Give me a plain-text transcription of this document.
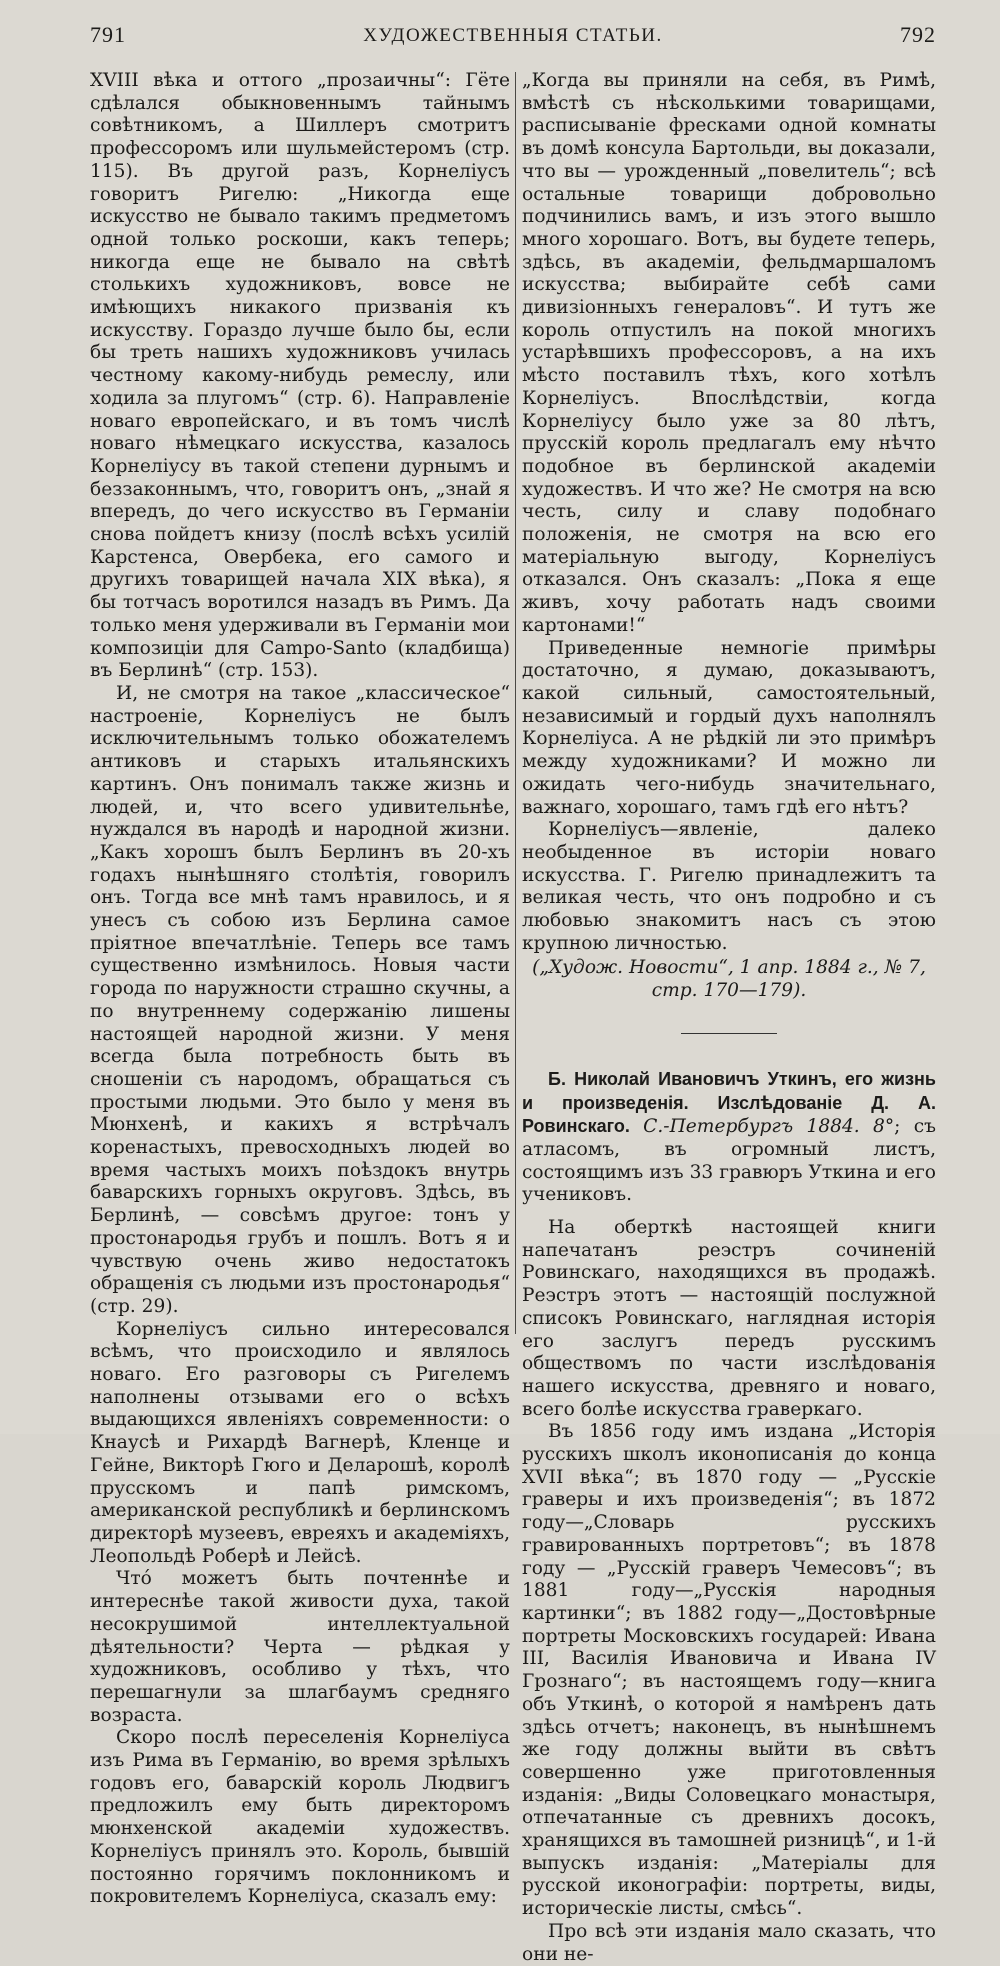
791	ХУДОЖЕСТВЕННЫЯ СТАТЬИ.	792

XVIII вѣка и оттого „прозаичны“: Гёте сдѣлался обыкновеннымъ тайнымъ совѣтникомъ, а Шиллеръ смотритъ профессоромъ или шульмейстеромъ (стр. 115). Въ другой разъ, Корнеліусъ говоритъ Ригелю: „Никогда еще искусство не бывало такимъ предметомъ одной только роскоши, какъ теперь; никогда еще не бывало на свѣтѣ столькихъ художниковъ, вовсе не имѣющихъ никакого призванія къ искусству. Гораздо лучше было бы, если бы треть нашихъ художниковъ училась честному какому-нибудь ремеслу, или ходила за плугомъ“ (стр. 6). Направленіе новаго европейскаго, и въ томъ числѣ новаго нѣмецкаго искусства, казалось Корнеліусу въ такой степени дурнымъ и беззаконнымъ, что, говоритъ онъ, „знай я впередъ, до чего искусство въ Германіи снова пойдетъ книзу (послѣ всѣхъ усилій Карстенса, Овербека, его самого и другихъ товарищей начала XIX вѣка), я бы тотчасъ воротился назадъ въ Римъ. Да только меня удерживали въ Германіи мои композиціи для Campo-Santo (кладбища) въ Берлинѣ“ (стр. 153).

И, не смотря на такое „классическое“ настроеніе, Корнеліусъ не былъ исключительнымъ только обожателемъ антиковъ и старыхъ итальянскихъ картинъ. Онъ понималъ также жизнь и людей, и, что всего удивительнѣе, нуждался въ народѣ и народной жизни. „Какъ хорошъ былъ Берлинъ въ 20-хъ годахъ нынѣшняго столѣтія, говорилъ онъ. Тогда все мнѣ тамъ нравилось, и я унесъ съ собою изъ Берлина самое пріятное впечатлѣніе. Теперь все тамъ существенно измѣнилось. Новыя части города по наружности страшно скучны, а по внутреннему содержанію лишены настоящей народной жизни. У меня всегда была потребность быть въ сношеніи съ народомъ, обращаться съ простыми людьми. Это было у меня въ Мюнхенѣ, и какихъ я встрѣчалъ коренастыхъ, превосходныхъ людей во время частыхъ моихъ поѣздокъ внутрь баварскихъ горныхъ округовъ. Здѣсь, въ Берлинѣ, — совсѣмъ другое: тонъ у простонародья грубъ и пошлъ. Вотъ я и чувствую очень живо недостатокъ обращенія съ людьми изъ простонародья“ (стр. 29).

Корнеліусъ сильно интересовался всѣмъ, что происходило и являлось новаго. Его разговоры съ Ригелемъ наполнены отзывами его о всѣхъ выдающихся явленіяхъ современности: о Кнаусѣ и Рихардѣ Вагнерѣ, Кленце и Гейне, Викторѣ Гюго и Деларошѣ, королѣ прусскомъ и папѣ римскомъ, американской республикѣ и берлинскомъ директорѣ музеевъ, евреяхъ и академіяхъ, Леопольдѣ Роберѣ и Лейсѣ.

Что́ можетъ быть почтеннѣе и интереснѣе такой живости духа, такой несокрушимой интеллектуальной дѣятельности? Черта — рѣдкая у художниковъ, особливо у тѣхъ, что перешагнули за шлагбаумъ средняго возраста.

Скоро послѣ переселенія Корнеліуса изъ Рима въ Германію, во время зрѣлыхъ годовъ его, баварскій король Людвигъ предложилъ ему быть директоромъ мюнхенской академіи художествъ. Корнеліусъ принялъ это. Король, бывшій постоянно горячимъ поклонникомъ и покровителемъ Корнеліуса, сказалъ ему:

„Когда вы приняли на себя, въ Римѣ, вмѣстѣ съ нѣсколькими товарищами, расписываніе фресками одной комнаты въ домѣ консула Бартольди, вы доказали, что вы — урожденный „повелитель“; всѣ остальные товарищи добровольно подчинились вамъ, и изъ этого вышло много хорошаго. Вотъ, вы будете теперь, здѣсь, въ академіи, фельдмаршаломъ искусства; выбирайте себѣ сами дивизіонныхъ генераловъ“. И тутъ же король отпустилъ на покой многихъ устарѣвшихъ профессоровъ, а на ихъ мѣсто поставилъ тѣхъ, кого хотѣлъ Корнеліусъ. Впослѣдствіи, когда Корнеліусу было уже за 80 лѣтъ, прусскій король предлагалъ ему нѣчто подобное въ берлинской академіи художествъ. И что же? Не смотря на всю честь, силу и славу подобнаго положенія, не смотря на всю его матеріальную выгоду, Корнеліусъ отказался. Онъ сказалъ: „Пока я еще живъ, хочу работать надъ своими картонами!“

Приведенные немногіе примѣры достаточно, я думаю, доказываютъ, какой сильный, самостоятельный, независимый и гордый духъ наполнялъ Корнеліуса. А не рѣдкій ли это примѣръ между художниками? И можно ли ожидать чего-нибудь значительнаго, важнаго, хорошаго, тамъ гдѣ его нѣтъ?

Корнеліусъ—явленіе, далеко необыденное въ исторіи новаго искусства. Г. Ригелю принадлежитъ та великая честь, что онъ подробно и съ любовью знакомитъ насъ съ этою крупною личностью.

(„Худож. Новости“, 1 апр. 1884 г., № 7, стр. 170—179).

Б. Николай Ивановичъ Уткинъ, его жизнь и произведенія. Изслѣдованіе Д. А. Ровинскаго. С.-Петербургъ 1884. 8°; съ атласомъ, въ огромный листъ, состоящимъ изъ 33 гравюръ Уткина и его учениковъ.

На оберткѣ настоящей книги напечатанъ реэстръ сочиненій Ровинскаго, находящихся въ продажѣ. Реэстръ этотъ — настоящій послужной списокъ Ровинскаго, наглядная исторія его заслугъ передъ русскимъ обществомъ по части изслѣдованія нашего искусства, древняго и новаго, всего болѣе искусства граверкаго.

Въ 1856 году имъ издана „Исторія русскихъ школъ иконописанія до конца XVII вѣка“; въ 1870 году — „Русскіе граверы и ихъ произведенія“; въ 1872 году—„Словарь русскихъ гравированныхъ портретовъ“; въ 1878 году — „Русскій граверъ Чемесовъ“; въ 1881 году—„Русскія народныя картинки“; въ 1882 году—„Достовѣрные портреты Московскихъ государей: Ивана III, Василія Ивановича и Ивана IV Грознаго“; въ настоящемъ году—книга объ Уткинѣ, о которой я намѣренъ дать здѣсь отчетъ; наконецъ, въ нынѣшнемъ же году должны выйти въ свѣтъ совершенно уже приготовленныя изданія: „Виды Соловецкаго монастыря, отпечатанные съ древнихъ досокъ, хранящихся въ тамошней ризницѣ“, и 1-й выпускъ изданія: „Матеріалы для русской иконографіи: портреты, виды, историческіе листы, смѣсь“.

Про всѣ эти изданія мало сказать, что они не-
